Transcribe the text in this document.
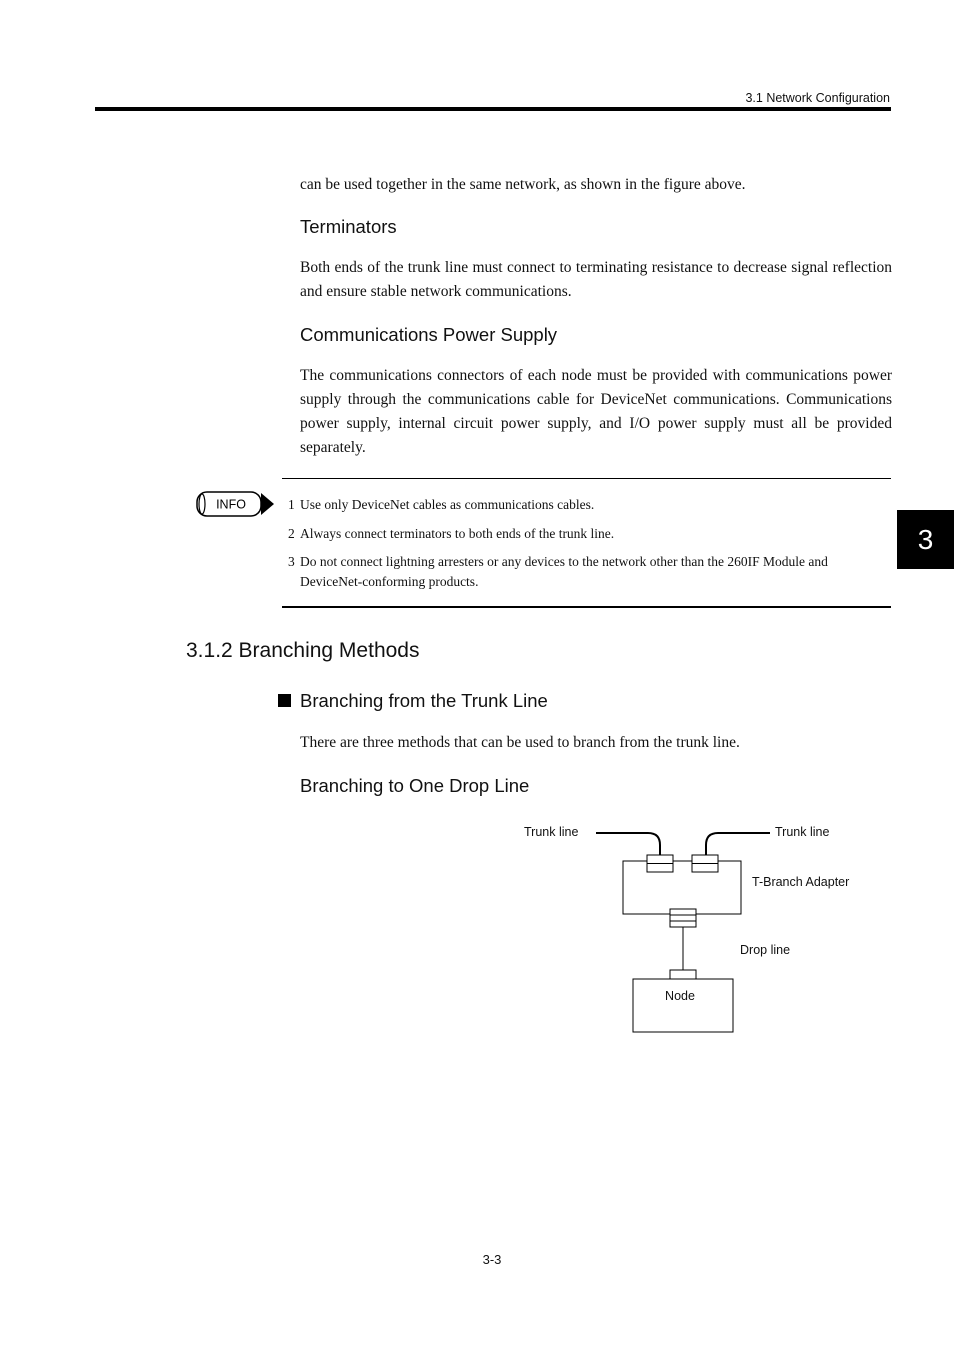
3.1 Network Configuration
can be used together in the same network, as shown in the figure above.
Terminators
Both ends of the trunk line must connect to terminating resistance to decrease signal reflection and ensure stable network communications.
Communications Power Supply
The communications connectors of each node must be provided with communications power supply through the communications cable for DeviceNet communications. Communications power supply, internal circuit power supply, and I/O power supply must all be provided separately.
INFO	1 Use only DeviceNet cables as communications cables.
2 Always connect terminators to both ends of the trunk line.
3 Do not connect lightning arresters or any devices to the network other than the 260IF Module and
DeviceNet-conforming products.
3
3.1.2 Branching Methods
Branching from the Trunk Line
There are three methods that can be used to branch from the trunk line.
Branching to One Drop Line
Trunk line	Trunk line
T-Branch Adapter
Drop line
Node
3-3
